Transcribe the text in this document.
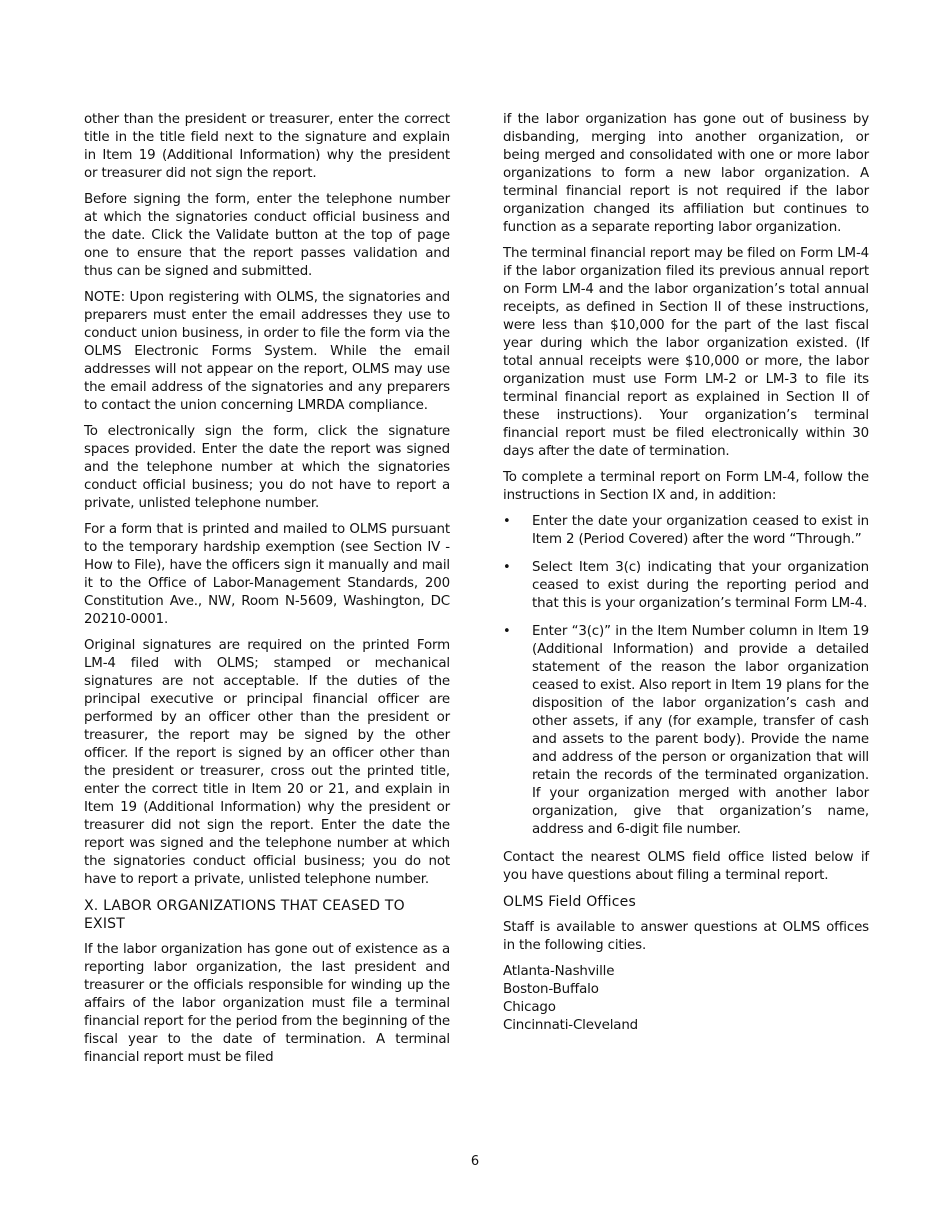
other than the president or treasurer, enter the correct title in the title field next to the signature and explain in Item 19 (Additional Information) why the president or treasurer did not sign the report.

Before signing the form, enter the telephone number at which the signatories conduct official business and the date. Click the Validate button at the top of page one to ensure that the report passes validation and thus can be signed and submitted.

NOTE: Upon registering with OLMS, the signatories and preparers must enter the email addresses they use to conduct union business, in order to file the form via the OLMS Electronic Forms System. While the email addresses will not appear on the report, OLMS may use the email address of the signatories and any preparers to contact the union concerning LMRDA compliance.

To electronically sign the form, click the signature spaces provided. Enter the date the report was signed and the telephone number at which the signatories conduct official business; you do not have to report a private, unlisted telephone number.

For a form that is printed and mailed to OLMS pursuant to the temporary hardship exemption (see Section IV - How to File), have the officers sign it manually and mail it to the Office of Labor-Management Standards, 200 Constitution Ave., NW, Room N-5609, Washington, DC 20210-0001.

Original signatures are required on the printed Form LM-4 filed with OLMS; stamped or mechanical signatures are not acceptable. If the duties of the principal executive or principal financial officer are performed by an officer other than the president or treasurer, the report may be signed by the other officer. If the report is signed by an officer other than the president or treasurer, cross out the printed title, enter the correct title in Item 20 or 21, and explain in Item 19 (Additional Information) why the president or treasurer did not sign the report. Enter the date the report was signed and the telephone number at which the signatories conduct official business; you do not have to report a private, unlisted telephone number.

X. LABOR ORGANIZATIONS THAT CEASED TO EXIST

If the labor organization has gone out of existence as a reporting labor organization, the last president and treasurer or the officials responsible for winding up the affairs of the labor organization must file a terminal financial report for the period from the beginning of the fiscal year to the date of termination. A terminal financial report must be filed

if the labor organization has gone out of business by disbanding, merging into another organization, or being merged and consolidated with one or more labor organizations to form a new labor organization. A terminal financial report is not required if the labor organization changed its affiliation but continues to function as a separate reporting labor organization.

The terminal financial report may be filed on Form LM-4 if the labor organization filed its previous annual report on Form LM-4 and the labor organization’s total annual receipts, as defined in Section II of these instructions, were less than $10,000 for the part of the last fiscal year during which the labor organization existed. (If total annual receipts were $10,000 or more, the labor organization must use Form LM-2 or LM-3 to file its terminal financial report as explained in Section II of these instructions). Your organization’s terminal financial report must be filed electronically within 30 days after the date of termination.

To complete a terminal report on Form LM-4, follow the instructions in Section IX and, in addition:

• Enter the date your organization ceased to exist in Item 2 (Period Covered) after the word “Through.”
• Select Item 3(c) indicating that your organization ceased to exist during the reporting period and that this is your organization’s terminal Form LM-4.
• Enter “3(c)” in the Item Number column in Item 19 (Additional Information) and provide a detailed statement of the reason the labor organization ceased to exist. Also report in Item 19 plans for the disposition of the labor organization’s cash and other assets, if any (for example, transfer of cash and assets to the parent body). Provide the name and address of the person or organization that will retain the records of the terminated organization. If your organization merged with another labor organization, give that organization’s name, address and 6-digit file number.

Contact the nearest OLMS field office listed below if you have questions about filing a terminal report.

OLMS Field Offices

Staff is available to answer questions at OLMS offices in the following cities.

Atlanta-Nashville
Boston-Buffalo
Chicago
Cincinnati-Cleveland
6
